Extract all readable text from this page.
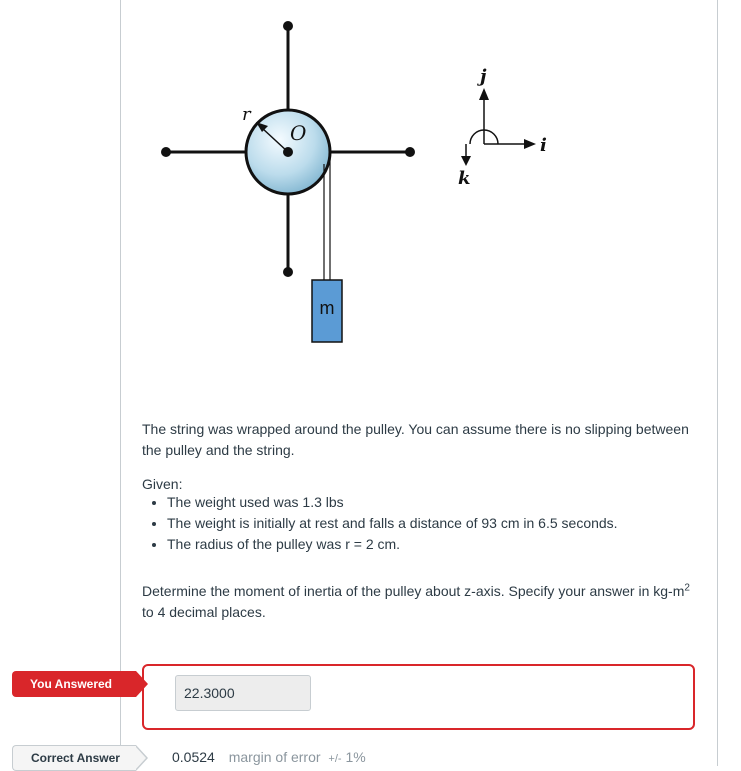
r
O
m
j
i
k

The string was wrapped around the pulley. You can assume there is no slipping between the pulley and the string.

Given:

• The weight used was 1.3 lbs
• The weight is initially at rest and falls a distance of 93 cm in 6.5 seconds.
• The radius of the pulley was r = 2 cm.

Determine the moment of inertia of the pulley about z-axis. Specify your answer in $kg-m^2$ to 4 decimal places.

You Answered
22.3000
Correct Answer	0.0524 margin of error +/- 1%
